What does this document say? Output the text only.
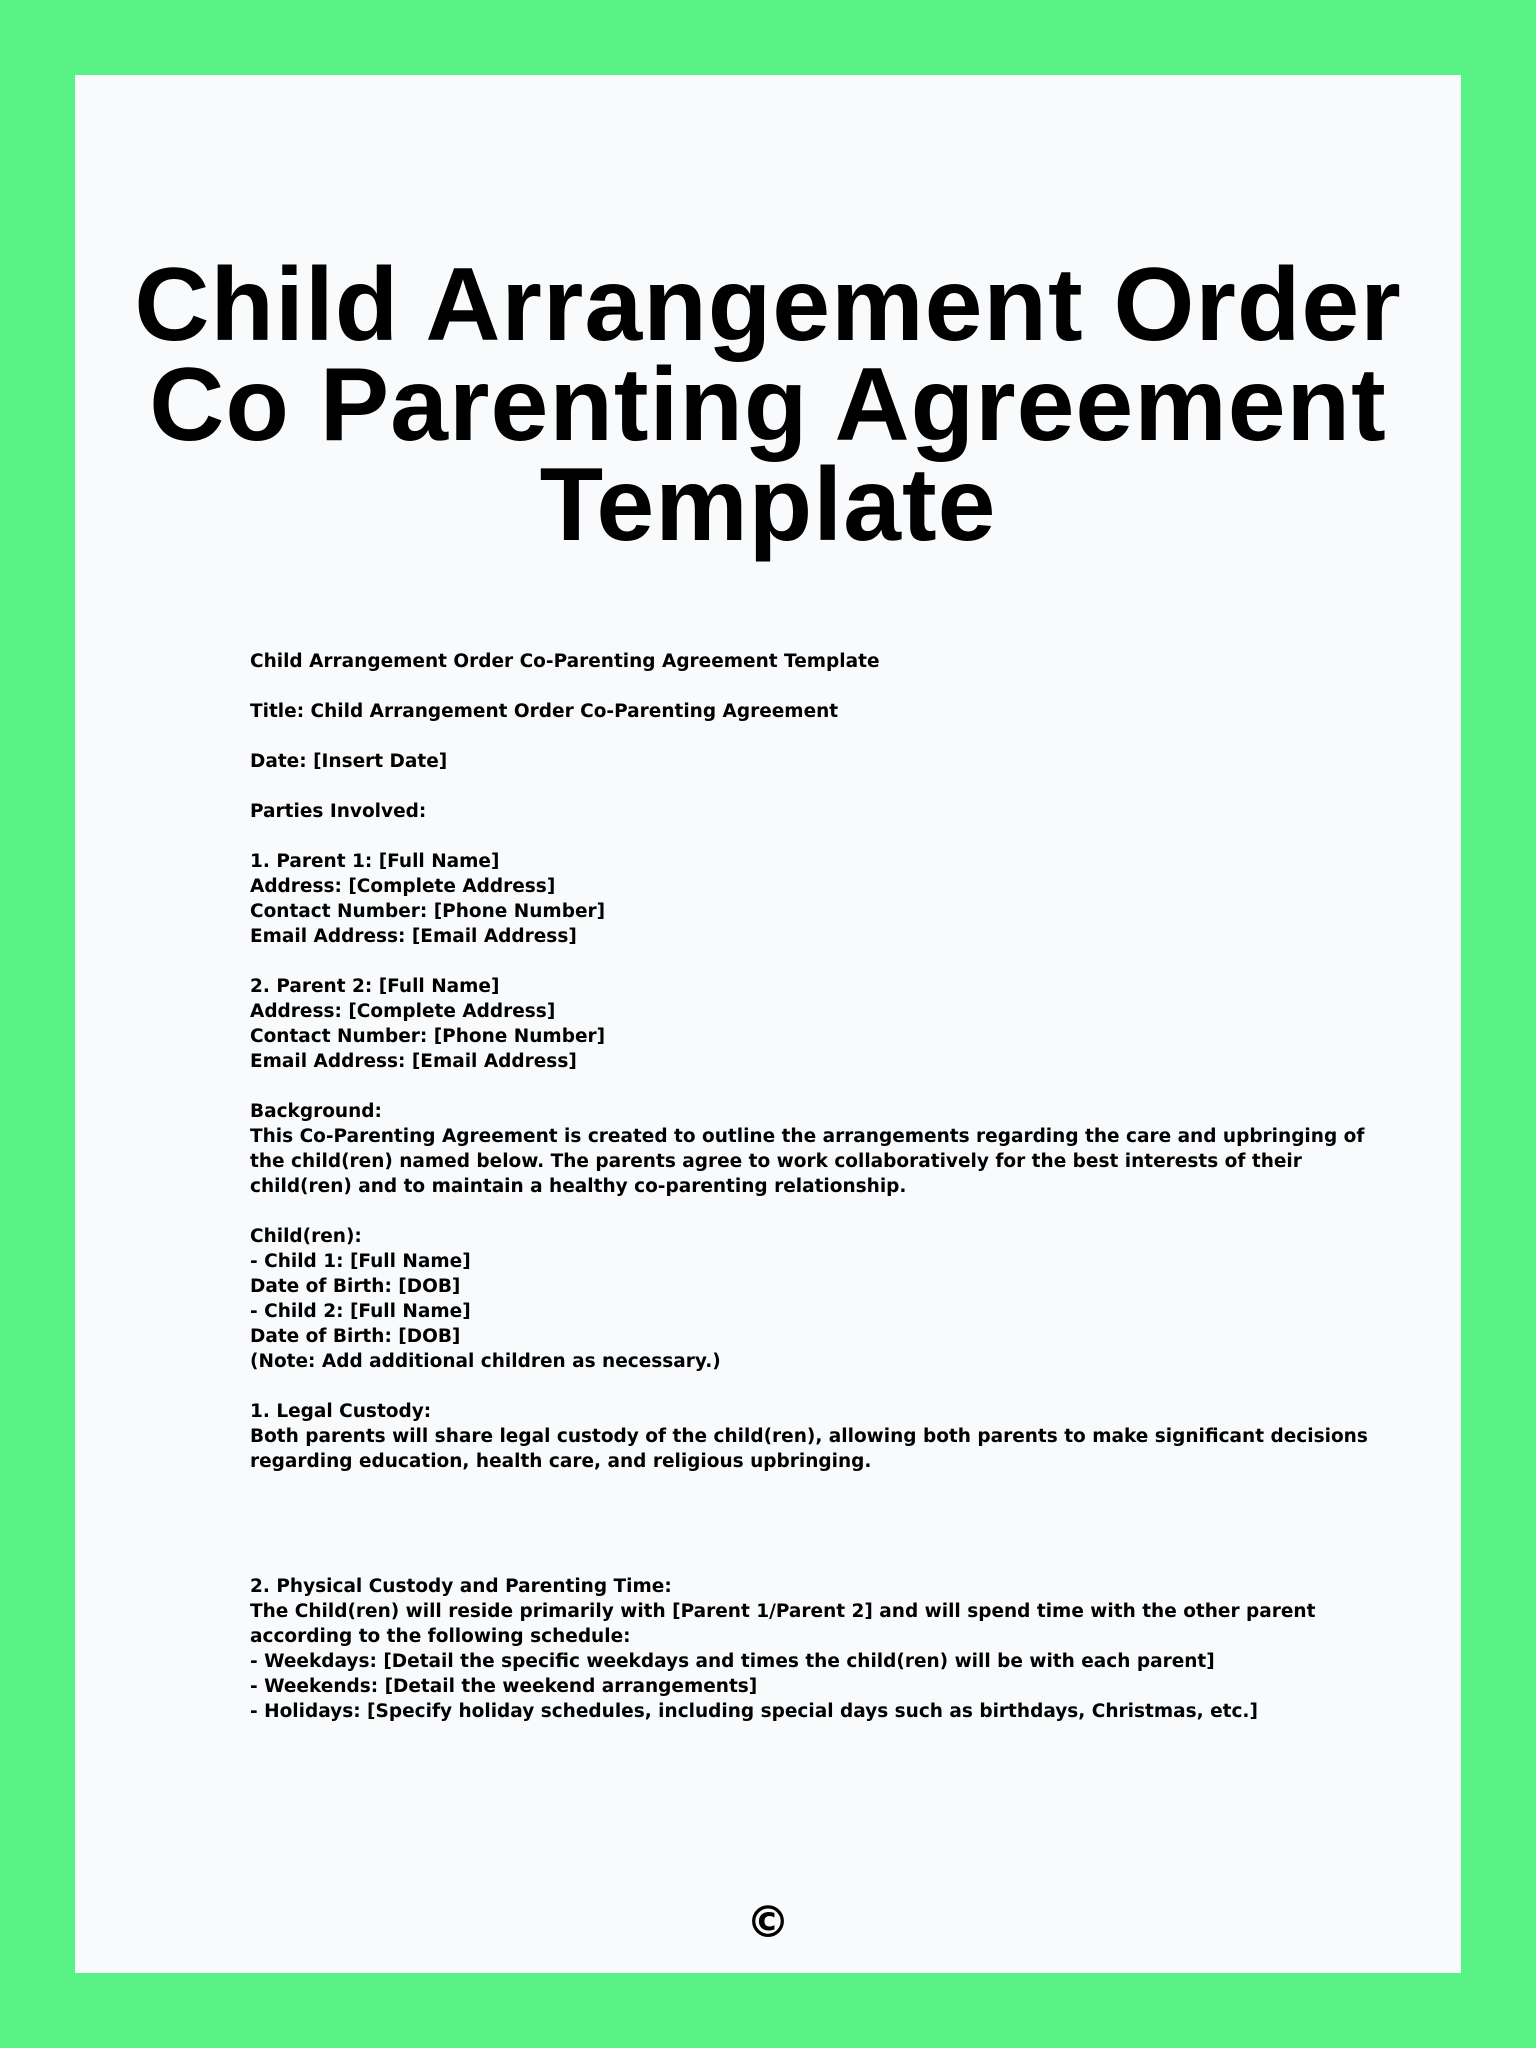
Child Arrangement Order Co Parenting Agreement Template

Child Arrangement Order Co-Parenting Agreement Template

Title: Child Arrangement Order Co-Parenting Agreement

Date: [Insert Date]

Parties Involved:

1. Parent 1: [Full Name]

Address: [Complete Address]

Contact Number: [Phone Number]

Email Address: [Email Address]

2. Parent 2: [Full Name]

Address: [Complete Address]

Contact Number: [Phone Number]

Email Address: [Email Address]

Background:

This Co-Parenting Agreement is created to outline the arrangements regarding the care and upbringing of

the child(ren) named below. The parents agree to work collaboratively for the best interests of their

child(ren) and to maintain a healthy co-parenting relationship.

Child(ren):

- Child 1: [Full Name]

Date of Birth: [DOB]

- Child 2: [Full Name]

Date of Birth: [DOB]

(Note: Add additional children as necessary.)

1. Legal Custody:

Both parents will share legal custody of the child(ren), allowing both parents to make significant decisions

regarding education, health care, and religious upbringing.

2. Physical Custody and Parenting Time:

The Child(ren) will reside primarily with [Parent 1/Parent 2] and will spend time with the other parent

according to the following schedule:

- Weekdays: [Detail the specific weekdays and times the child(ren) will be with each parent]

- Weekends: [Detail the weekend arrangements]

- Holidays: [Specify holiday schedules, including special days such as birthdays, Christmas, etc.]

©
